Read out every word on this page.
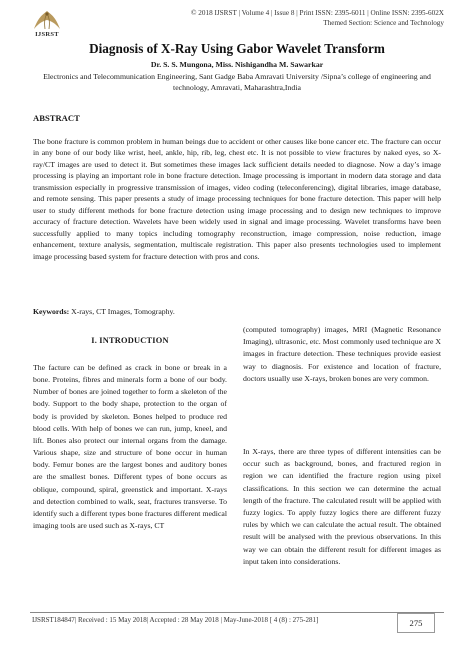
IJSRST
© 2018 IJSRST | Volume 4 | Issue 8 | Print ISSN: 2395-6011 | Online ISSN: 2395-602X
Themed Section: Science and Technology
Diagnosis of X-Ray Using Gabor Wavelet Transform
Dr. S. S. Mungona, Miss. Nishigandha M. Sawarkar
Electronics and Telecommunication Engineering, Sant Gadge Baba Amravati University /Sipna’s college of engineering and technology, Amravati, Maharashtra,India
ABSTRACT

The bone fracture is common problem in human beings due to accident or other causes like bone cancer etc. The fracture can occur in any bone of our body like wrist, heel, ankle, hip, rib, leg, chest etc. It is not possible to view fractures by naked eyes, so X-ray/CT images are used to detect it. But sometimes these images lack sufficient details needed to diagnose. Now a day’s image processing is playing an important role in bone fracture detection. Image processing is important in modern data storage and data transmission especially in progressive transmission of images, video coding (teleconferencing), digital libraries, image database, and remote sensing. This paper presents a study of image processing techniques for bone fracture detection. This paper will help user to study different methods for bone fracture detection using image processing and to design new techniques to improve accuracy of fracture detection. Wavelets have been widely used in signal and image processing. Wavelet transforms have been successfully applied to many topics including tomography reconstruction, image compression, noise reduction, image enhancement, texture analysis, segmentation, multiscale registration. This paper also presents technologies used to implement image processing based system for fracture detection with pros and cons.

Keywords: X-rays, CT Images, Tomography.
I. INTRODUCTION

The facture can be defined as crack in bone or break in a bone. Proteins, fibres and minerals form a bone of our body. Number of bones are joined together to form a skeleton of the body. Support to the body shape, protection to the organ of body is provided by skeleton. Bones helped to produce red blood cells. With help of bones we can run, jump, kneel, and lift. Bones also protect our internal organs from the damage. Various shape, size and structure of bone occur in human body. Femur bones are the largest bones and auditory bones are the smallest bones. Different types of bone occurs as oblique, compound, spiral, greenstick and important. X-rays and detection combined to walk, seat, fractures transverse. To identify such a different types bone fractures different medical imaging tools are used such as X-rays, CT

(computed tomography) images, MRI (Magnetic Resonance Imaging), ultrasonic, etc. Most commonly used technique are X images in fracture detection. These techniques provide easiest way to diagnosis. For existence and location of fracture, doctors usually use X-rays, broken bones are very common.

In X-rays, there are three types of different intensities can be occur such as background, bones, and fractured region in region we can identified the fracture region using pixel classifications. In this section we can determine the actual length of the fracture. The calculated result will be applied with fuzzy logics. To apply fuzzy logics there are different fuzzy rules by which we can calculate the actual result. The obtained result will be analysed with the previous observations. In this way we can obtain the different result for different images as input taken into considerations.

IJSRST184847| Received : 15 May 2018| Accepted : 28 May 2018 | May-June-2018 [ 4 (8) : 275-281]	275
